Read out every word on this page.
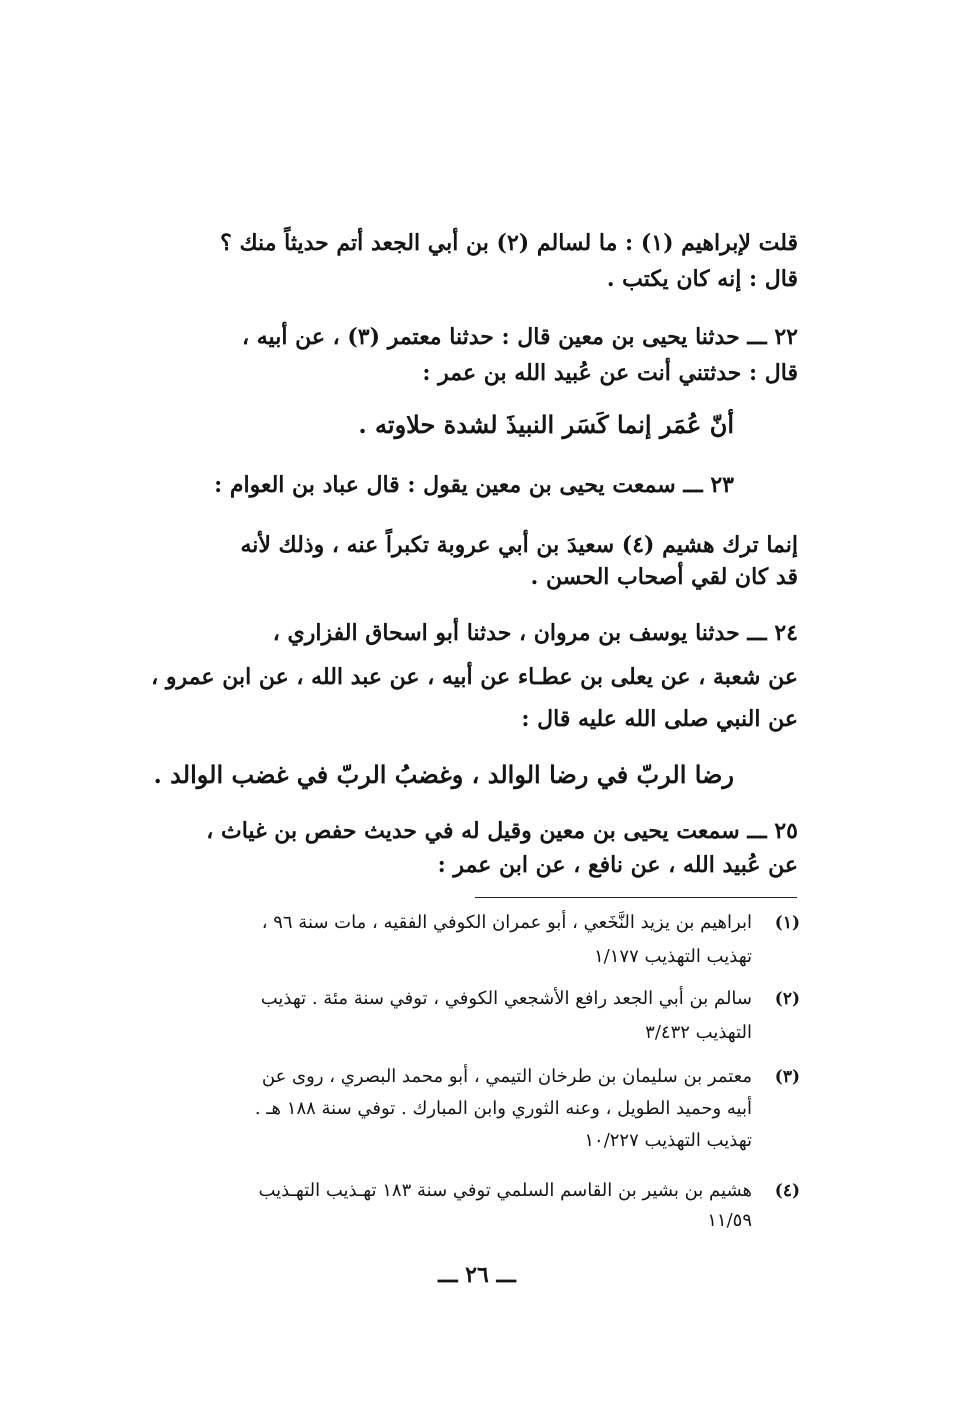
قلت لإبراهيم (١) : ما لسالم (٢) بن أبي الجعد أتم حديثاً منك ؟
قال : إنه كان يكتب .
٢٢ ـــ حدثنا يحيى بن معين قال : حدثنا معتمر (٣) ، عن أبيه ،
قال : حدثتني أنت عن عُبيد الله بن عمر :
أنّ عُمَر إنما كَسَر النبيذَ لشدة حلاوته .
٢٣ ـــ سمعت يحيى بن معين يقول : قال عباد بن العوام :
إنما ترك هشيم (٤) سعيدَ بن أبي عروبة تكبراً عنه ، وذلك لأنه
قد كان لقي أصحاب الحسن .
٢٤ ـــ حدثنا يوسف بن مروان ، حدثنا أبو اسحاق الفزاري ،
عن شعبة ، عن يعلى بن عطـاء عن أبيه ، عن عبد الله ، عن ابن عمرو ،
عن النبي صلى الله عليه قال :
رضا الربّ في رضا الوالد ، وغضبُ الربّ في غضب الوالد .
٢٥ ـــ سمعت يحيى بن معين وقيل له في حديث حفص بن غياث ،
عن عُبيد الله ، عن نافع ، عن ابن عمر :
(١)
ابراهيم بن يزيد النَّخَعي ، أبو عمران الكوفي الفقيه ، مات سنة ٩٦ ،
تهذيب التهذيب ١/١٧٧
(٢)
سالم بن أبي الجعد رافع الأشجعي الكوفي ، توفي سنة مئة . تهذيب
التهذيب ٣/٤٣٢
(٣)
معتمر بن سليمان بن طرخان التيمي ، أبو محمد البصري ، روى عن
أبيه وحميد الطويل ، وعنه الثوري وابن المبارك . توفي سنة ١٨٨ هـ .
تهذيب التهذيب ١٠/٢٢٧
(٤)
هشيم بن بشير بن القاسم السلمي توفي سنة ١٨٣ تهـذيب التهـذيب
١١/٥٩
ـــ ٢٦ ـــ
